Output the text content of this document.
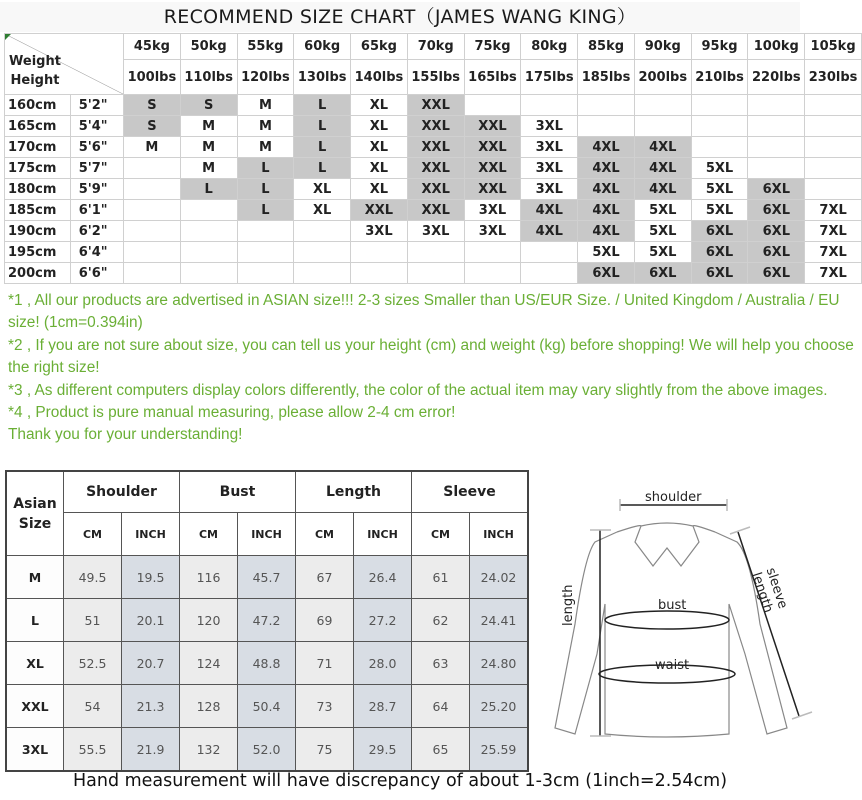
RECOMMEND SIZE CHART（JAMES WANG KING）
Weight
Height		45kg	50kg	55kg	60kg	65kg	70kg	75kg	80kg	85kg	90kg	95kg	100kg	105kg
		100lbs	110lbs	120lbs	130lbs	140lbs	155lbs	165lbs	175lbs	185lbs	200lbs	210lbs	220lbs	230lbs
160cm	5'2"	S	S	M	L	XL	XXL							
165cm	5'4"	S	M	M	L	XL	XXL	XXL	3XL					
170cm	5'6"	M	M	M	L	XL	XXL	XXL	3XL	4XL	4XL			
175cm	5'7"		M	L	L	XL	XXL	XXL	3XL	4XL	4XL	5XL		
180cm	5'9"		L	L	XL	XL	XXL	XXL	3XL	4XL	4XL	5XL	6XL	
185cm	6'1"			L	XL	XXL	XXL	3XL	4XL	4XL	5XL	5XL	6XL	7XL
190cm	6'2"					3XL	3XL	3XL	4XL	4XL	5XL	6XL	6XL	7XL
195cm	6'4"									5XL	5XL	6XL	6XL	7XL
200cm	6'6"									6XL	6XL	6XL	6XL	7XL

*1 , All our products are advertised in ASIAN size!!! 2-3 sizes Smaller than US/EUR Size. / United Kingdom / Australia / EU size! (1cm=0.394in)

*2 , If you are not sure about size, you can tell us your height (cm) and weight (kg) before shopping! We will help you choose the right size!

*3 , As different computers display colors differently, the color of the actual item may vary slightly from the above images.

*4 , Product is pure manual measuring, please allow 2-4 cm error!

Thank you for your understanding!

Asian
Size	Shoulder		Bust		Length		Sleeve	
	CM	INCH	CM	INCH	CM	INCH	CM	INCH
M	49.5	19.5	116	45.7	67	26.4	61	24.02
L	51	20.1	120	47.2	69	27.2	62	24.41
XL	52.5	20.7	124	48.8	71	28.0	63	24.80
XXL	54	21.3	128	50.4	73	28.7	64	25.20
3XL	55.5	21.9	132	52.0	75	29.5	65	25.59
shoulder
bust
waist
length	sleeve length
Hand measurement will have discrepancy of about 1-3cm (1inch=2.54cm)
